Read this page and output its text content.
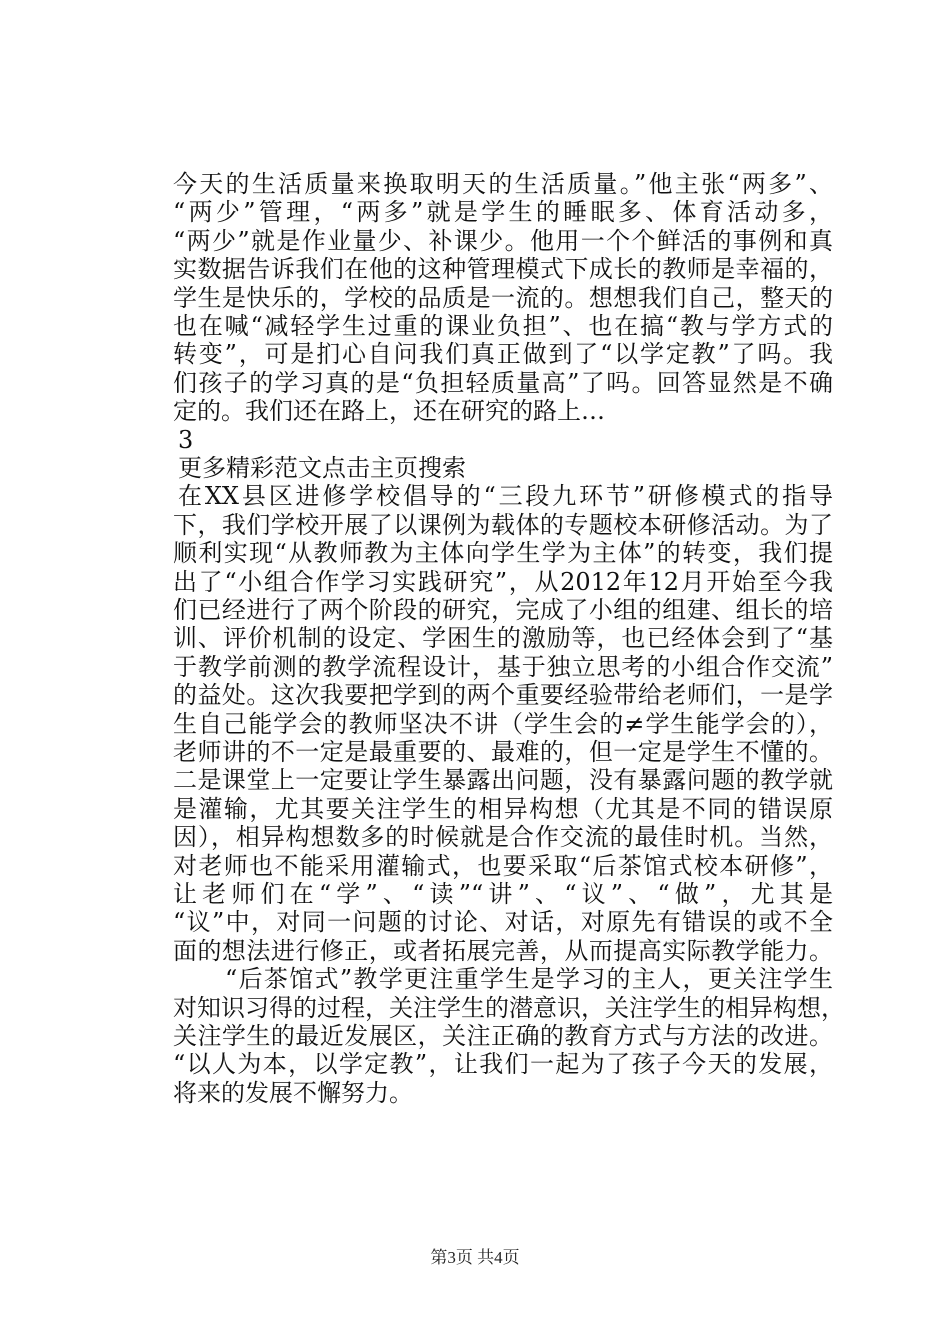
今天的生活质量来换取明天的生活质量。”他主张“两多”、
“两少”管理，“两多”就是学生的睡眠多、体育活动多，
“两少”就是作业量少、补课少。他用一个个鲜活的事例和真
实数据告诉我们在他的这种管理模式下成长的教师是幸福的，
学生是快乐的，学校的品质是一流的。想想我们自己，整天的
也在喊“减轻学生过重的课业负担”、也在搞“教与学方式的
转变”，可是扪心自问我们真正做到了“以学定教”了吗。我
们孩子的学习真的是“负担轻质量高”了吗。回答显然是不确
定的。我们还在路上，还在研究的路上…
3
更多精彩范文点击主页搜索
在XX县区进修学校倡导的“三段九环节”研修模式的指导
下，我们学校开展了以课例为载体的专题校本研修活动。为了
顺利实现“从教师教为主体向学生学为主体”的转变，我们提
出了“小组合作学习实践研究”，从2012年12月开始至今我
们已经进行了两个阶段的研究，完成了小组的组建、组长的培
训、评价机制的设定、学困生的激励等，也已经体会到了“基
于教学前测的教学流程设计，基于独立思考的小组合作交流”
的益处。这次我要把学到的两个重要经验带给老师们，一是学
生自己能学会的教师坚决不讲（学生会的≠学生能学会的），
老师讲的不一定是最重要的、最难的，但一定是学生不懂的。
二是课堂上一定要让学生暴露出问题，没有暴露问题的教学就
是灌输，尤其要关注学生的相异构想（尤其是不同的错误原
因），相异构想数多的时候就是合作交流的最佳时机。当然，
对老师也不能采用灌输式，也要采取“后茶馆式校本研修”，
让老师们在“学”、“读”“讲”、“议”、“做”，尤其是
“议”中，对同一问题的讨论、对话，对原先有错误的或不全
面的想法进行修正，或者拓展完善，从而提高实际教学能力。
“后茶馆式”教学更注重学生是学习的主人，更关注学生
对知识习得的过程，关注学生的潜意识，关注学生的相异构想，
关注学生的最近发展区，关注正确的教育方式与方法的改进。
“以人为本，以学定教”，让我们一起为了孩子今天的发展，
将来的发展不懈努力。
第3页 共4页
